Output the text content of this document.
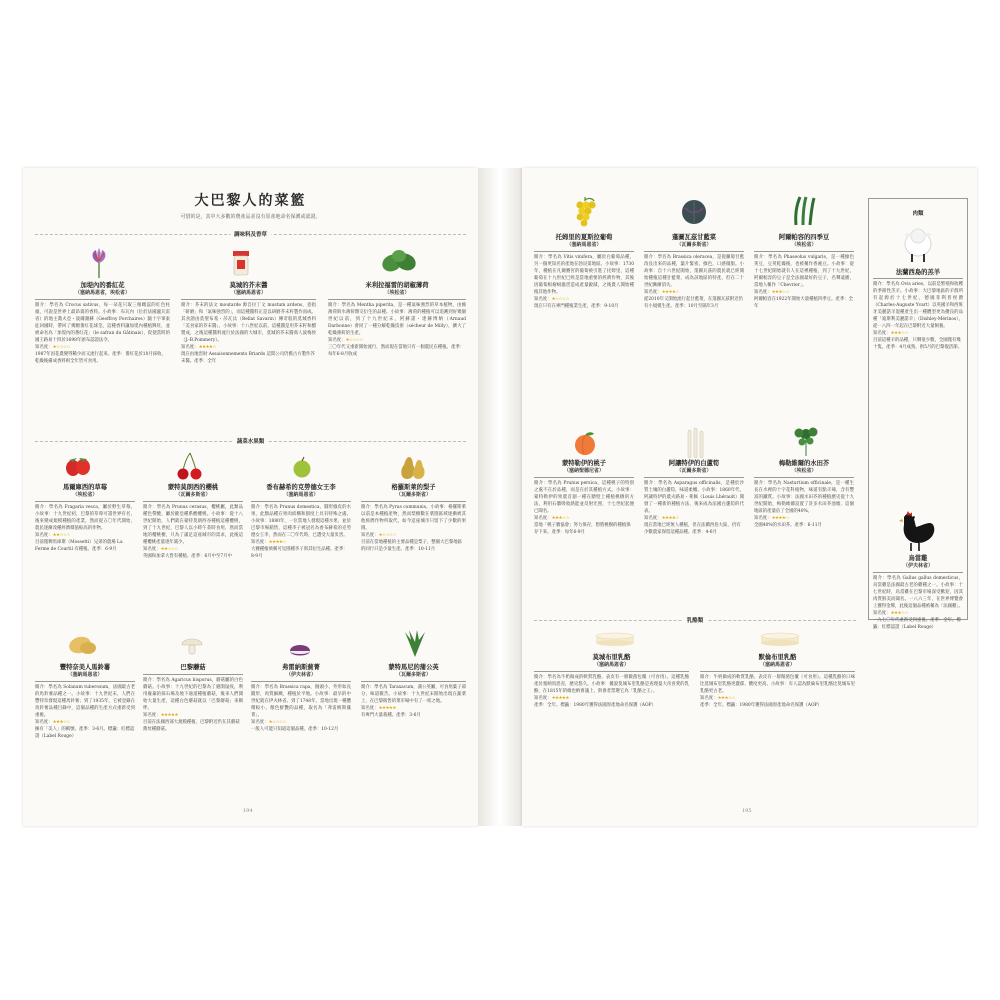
大巴黎人的菜籃
可惜的是，其中大多數的農產品並沒有原產地命名保護或認證。
調味料及香草
加堤內的番紅花
（塞納馬恩省，埃松省）
簡介：學名為 Crocus sativus，每一朵花只取三根雌蕊的紅色柱頭，可說是世界上最昂貴的香料。小故事：布瓦內（位於法國盧瓦雷省）的地主喬夫亞・波爾謝赫（Geoffroy Porchaires）隨十字軍東征回國時，帶回了幾顆番紅花球莖。這種香料讓加堤內種植興旺，並被命名為「加堤內的番紅花」（le safran du Gâtinais），促使當時的國王路易十四於1698年頒布認證法令。
知名度：★☆☆☆☆
1987年因花農變得稀少而又流行起來。產季：番紅花於10月採收，乾燥後備成香料則全年皆可食用。
莫城的芥末醬
（塞納馬恩省）
簡介：芥末的法文 moutarde 源自拉丁文 mustum ardens，意指「研磨」和「氣味強烈的」，而這種醬料正是以研磨芥末籽製作而成。其食譜由莫聖布希・莎瓦汰（Bellat Savarin）傳奇般的莫城香料「美食家的芥末醬」。小故事：十八世紀以前，這種醬是用芥末籽和醋製成，之後這種醬料流行於法國的大城市，莫城的芥末醬商人波梅侯（J.-B.Pommery）。
知名度：★★★★☆
現在由地窖財 Assaisonnements Briards 這間公司仍舊古方製作芥末醬。產季：全年
米利拉福雷的胡椒薄荷
（埃松省）
簡介：學名為 Mentha piperita，是一種氣味強烈的草本植物，由綠薄荷與水薄荷雜交衍生的品種。小故事：薄荷的種植可以追溯到好幾個世紀以前，到了十九世紀末，阿赫諾・達赫博納（Arnaud Darbonne）會同了一種分解乾燥技術（sécheur de Milly），擴大了乾燥薄荷的生產。
知名度：★☆☆☆☆
三〇年代又重新開始流行，然而現在當地只有一個農民在種植。產季：每年6-8月收成
蔬菜水果類
馬爾庫西的草莓
（埃松省）
簡介：學名為 Fragaria vesca，屬於野生草莓。小故事：十九世紀初，巴黎的草莓可謂世界有名，後來變成規模種植的產業，然而從五〇年代開始，農民逐漸改種經濟價值較高的作物。
知名度：★★☆☆☆
目前僅剩馬庫斯（Mossetti）兄弟的農場 La Ferme de Courtil 有種植。產季：6-9月
蒙特莫朗西的櫻桃
（瓦爾多斯省）
簡介：學名為 Prunus cerasus，櫻桃屬，此類品種色帶酸，屬於歐亞種系酸櫻桃。小故事：從十八世紀開始，人們就在蒙特莫朗西谷種植這種櫻桃，到了十九世紀，巴黎人以小時午茶時食用，然而當地的櫻桃樹，只為了滿足這座城市的需求，此後這種櫻桃產量逐年減少。
知名度：★★☆☆☆
英國和加拿大皆有種植。產季：6月中至7月中
香布赫希的克勞德女王李
（塞納馬恩省）
簡介：學名為 Prunus domestica，圓形綠皮的水果，此類品種在果肉結構和甜度上具有特殊之處。小故事：1880年，一位當地人發現這種水果，並於巴黎市場銷售，這種李子被冠名為香布赫希的克勞德女王李，然而在二〇年代時，已遭受大量災害。
知名度：★★★★☆
大賽種植被稱可見園種李子與其衍生品種。產季：8-9月
格羅斯萊的梨子
（瓦爾多斯省）
簡介：學名為 Pyrus communis。小故事：格羅斯萊以前是本種植產物，然而梨樹數在菜園區域逐漸被其他經濟作物所取代，如今這座城市只留下了少數的果園。
知名度：★☆☆☆☆
目前在當地種植的主要品種是梨子，整個大巴黎地區的同行只是少量生產。產季：10-11月
豐特奈美人馬鈴薯
（塞納馬恩省）
簡介：學名為 Solanum tuberosum，法國最古老的馬鈴薯品種之一。小故事：十九世紀末，人們在豐特奈發現這種馬鈴薯；到了1935年，它被登錄在馬鈴薯品種目錄中，這個品種的生產方式重新受到重視。
知名度：★★★☆☆
擁有「美人」的稱號。產季：3-6月。標籤：紅標認證（Label Rouge）
巴黎蘑菇
簡介：學名為 Agaricus bisporus，蘑菇屬的白色蘑菇。小故事：十九世紀的巴黎為了避開鼠疫，利用廢棄的採石場及地下通道種植蘑菇，後來人們開始大量生產，這種白色蘑菇就以「巴黎蘑菇」來稱呼。
知名度：★★★★★
目前在法國西部大規模種植，巴黎附近仍在其蘑菇舊址種蘑菇。
弗雷納斯蕪菁
（伊夫林省）
簡介：學名為 Brassica rapa，個頭小、外形如長圓形，肉質細緻，種植於平地。小故事：最早的中世紀就在伊夫林省。到了1748年，當地出現一種體積較小、顏色鮮艷的品種，取名為「弗雷納斯蕪菁」。
知名度：★☆☆☆☆
一般人可能只知道這個品種。產季：10-12月
蒙特馬尼的蒲公英
（瓦爾多斯省）
簡介：學名為 Taraxacum，蒲公英屬，可食用葉子部分，味道微苦。小故事：十九世紀末開始出現在蔬菜上，在巴黎販售的菜市場中有了一席之地。
知名度：★★★★★
有專門大量栽種。產季：3-6月
194
托姆里的夏斯拉葡萄
（塞納馬恩省）
簡介：學名為 Vitis vinifera，屬於白葡萄品種，另一個更知名的產地在勃艮第地區。小故事：1730年，種植在凡爾賽宮的葡萄被引進了托姆里，這種葡萄在十九世紀已經是當地重要的經濟作物，其後因葡萄根瘤蚜蟲害造成產量銳減，之後農人開始種植其他作物。
知名度：★☆☆☆☆
現在只有在專門種植業生產，產季：9-10月
蓬圖瓦茲甘藍菜
（瓦爾多斯省）
簡介：學名為 Brassica oleracea，是從蘿蔔甘藍改良出來的品種，葉片緊密、綠色，口感微甜。小故事：自十六世紀開始，蓬圖瓦茲的農民就已經開始種植這種甘藍菜，成為該地區的特產，但在二十世紀漸漸消失。
知名度：★★★★☆
從2010年又開始流行起甘藍菜，在蓬圖瓦茲附近仍有小規模生產。產季：10月至隔年3月
阿爾帕容的四季豆
（埃松省）
簡介：學名為 Phaseolus vulgaris，是一種綠色莢豆，豆莢乾燥後，也被稱作香豌豆。小故事：從十七世紀開始就有人在這裡種植，到了十九世紀，阿爾帕容的豆子是全法國最好的豆子，名聲遠播，當地人稱作「Chevrier」。
知名度：★★★☆☆
阿爾帕容在1922年開始大量種植四季豆。產季：全年
蒙特勒伊的桃子
（塞納聖德尼省）
簡介：學名為 Prunus persica，這種桃子的特別之處不在於品種，而是在於其種植方式。小故事：蒙特勒伊的果農首創一種在牆壁上種植桃樹的方法，利用石牆吸收熱能並反射光照，十七世紀起便已聞名。
知名度：★★★☆☆
當地「桃子牆協會」努力保存，想將桃樹的種植保存下來。產季：每年6-9月
阿讓特伊的白蘆筍
（瓦爾多斯省）
簡介：學名為 Asparagus officinalis，是種於沙質土壤的白蘆筍，味道柔嫩。小故事：1860年代，阿讓特伊的農夫路易・萊佩（Louis Lhérault）開發了一種新的種植方法，後來成為法國白蘆筍的代表。
知名度：★★★★☆
現在當地已經無人種植，但在法蘭西島大區，仍有少數農家保留這種品種。產季：4-6月
梅勒維爾的水田芥
（埃松省）
簡介：學名為 Nasturtium officinale，是一種生長在水裡的十字花科植物，味道有點辛辣，含有豐富的鐵質。小故事：法國水田芥的種植歷史從十九世紀開始，梅勒維爾設置了許多水田芥池塘，這個地區的產量佔了全國的40%。
知名度：★★★★☆
全國40%的水田芥。產季：6-11月
乳酪類
莫城布里乳酪
（塞納馬恩省）
簡介：學名為牛奶做成的軟質乳酪，表皮有一層微菌包覆（可食用）。這種乳酪產於塞納馬恩省，歷史悠久。小故事：據說莫城布里乳酪是查理曼大帝喜愛的乳酪，在1815年的維也納會議上，與會者票選它為「乳酪之王」。
知名度：★★★★★
產季：全年。標籤：1980年獲得法國原產地命名保護（AOP）
默倫布里乳酪
（塞納馬恩省）
簡介：牛奶做成的軟質乳酪，表皮有一層微菌包覆（可食用）。這種乳酪的口味比莫城布里乳酪更濃郁、酸度更高。小故事：有人認為默倫布里乳酪比莫城布里乳酪更古老。
知名度：★★★☆☆
產季：全年。標籤：1980年獲得法國原產地命名保護（AOP）
肉類
法蘭西島的羔羊
簡介：學名為 Ovis aries，以前是繁殖和收穫的季節性羔羊。小故事：大巴黎地區的羊群所有起源於十七世紀，德國菲利普侯爵（Charles-Auguste Yvart）以英國羊和西班牙美麗諾羊混種產生出一種體型更為優良的品種「迪斯利美麗諾羊」（Dishley-Mérinos），從一八四一年起在巴黎附近大量飼養。
知名度：★★★☆☆
目前這種羊的品種，只剩很少數，全國僅有幾十隻。產季：4月成熟，供5月的巴黎復活節。
烏當雞
（伊夫林省）
簡介：學名為 Gallus gallus domesticus，烏當雞是法國最古老的雞種之一。小故事：十七世紀時，烏當雞在巴黎市場深受歡迎，因其肉質鮮美而聞名。一八六三年，在世界博覽會上獲得金牌，此後這個品種被稱為「法國雞」。
知名度：★★★☆☆
一九七〇年代重新受到重視。產季：全年。標籤：紅標認證（Label Rouge）
195
